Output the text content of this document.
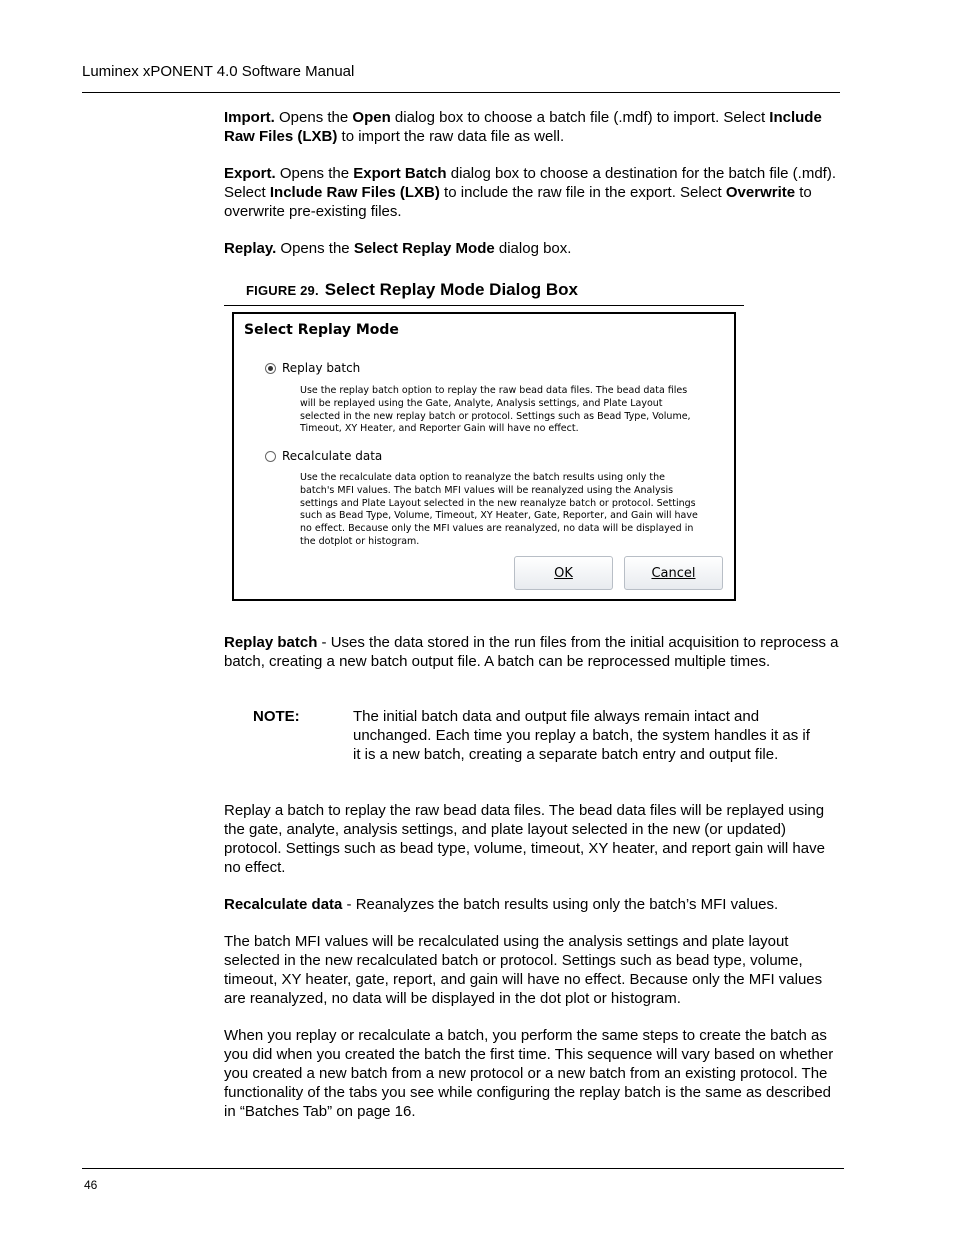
Luminex xPONENT 4.0 Software Manual

Import. Opens the Open dialog box to choose a batch file (.mdf) to import. Select Include Raw Files (LXB) to import the raw data file as well.

Export. Opens the Export Batch dialog box to choose a destination for the batch file (.mdf). Select Include Raw Files (LXB) to include the raw file in the export. Select Overwrite to overwrite pre-existing files.

Replay. Opens the Select Replay Mode dialog box.

FIGURE 29. Select Replay Mode Dialog Box
Select Replay Mode
Replay batch

Use the replay batch option to replay the raw bead data files. The bead data files will be replayed using the Gate, Analyte, Analysis settings, and Plate Layout selected in the new replay batch or protocol. Settings such as Bead Type, Volume, Timeout, XY Heater, and Reporter Gain will have no effect.

Recalculate data

Use the recalculate data option to reanalyze the batch results using only the batch's MFI values. The batch MFI values will be reanalyzed using the Analysis settings and Plate Layout selected in the new reanalyze batch or protocol. Settings such as Bead Type, Volume, Timeout, XY Heater, Gate, Reporter, and Gain will have no effect. Because only the MFI values are reanalyzed, no data will be displayed in the dotplot or histogram.

OK	Cancel

Replay batch - Uses the data stored in the run files from the initial acquisition to reprocess a batch, creating a new batch output file. A batch can be reprocessed multiple times.

NOTE:	The initial batch data and output file always remain intact and unchanged. Each time you replay a batch, the system handles it as if it is a new batch, creating a separate batch entry and output file.

Replay a batch to replay the raw bead data files. The bead data files will be replayed using the gate, analyte, analysis settings, and plate layout selected in the new (or updated) protocol. Settings such as bead type, volume, timeout, XY heater, and report gain will have no effect.

Recalculate data - Reanalyzes the batch results using only the batch’s MFI values.

The batch MFI values will be recalculated using the analysis settings and plate layout selected in the new recalculated batch or protocol. Settings such as bead type, volume, timeout, XY heater, gate, report, and gain will have no effect. Because only the MFI values are reanalyzed, no data will be displayed in the dot plot or histogram.

When you replay or recalculate a batch, you perform the same steps to create the batch as you did when you created the batch the first time. This sequence will vary based on whether you created a new batch from a new protocol or a new batch from an existing protocol. The functionality of the tabs you see while configuring the replay batch is the same as described in “Batches Tab” on page 16.

46
